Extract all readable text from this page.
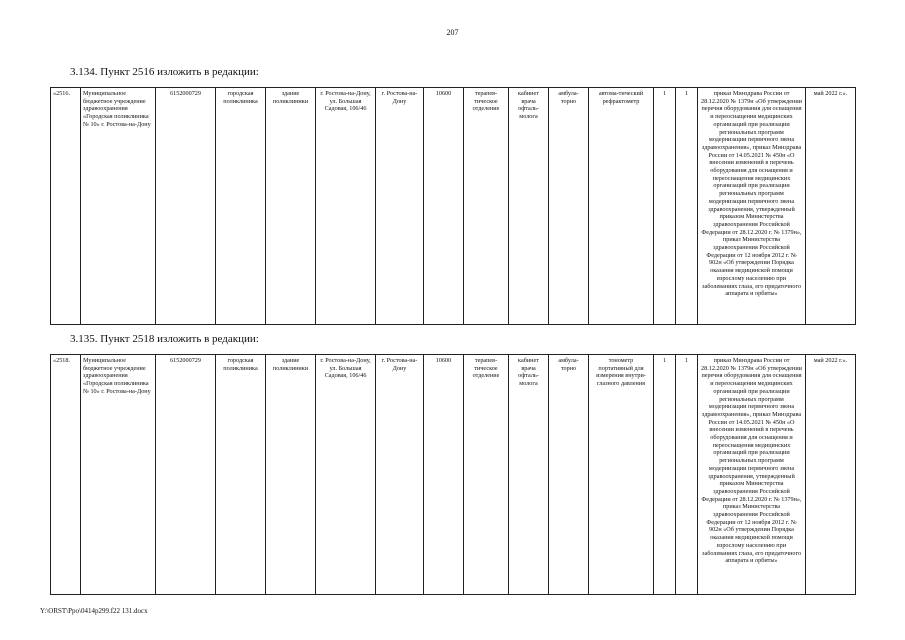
207
3.134. Пункт 2516 изложить в редакции:
«2516.	Муниципальное бюджетное учреждение здравоохранения «Городская поликлиника № 10» г. Ростова-на-Дону	6152000729	городская поликлиника	здание поликлиники	г. Ростова-на-Дону, ул. Большая Садовая, 106/46	г. Ростова-на-Дону	10600	терапев-тическое отделение	кабинет врача офталь-молога	амбула-торно	автома-тический рефрактометр	1	1	приказ Минздрава России от 28.12.2020 № 1379н «Об утверждении перечня оборудования для оснащения и переоснащения медицинских организаций при реализации региональных программ модернизации первичного звена здравоохранения», приказ Минздрава России от 14.05.2021 № 450н «О внесении изменений в перечень оборудования для оснащения и переоснащения медицинских организаций при реализации региональных программ модернизации первичного звена здравоохранения, утвержденный приказом Министерства здравоохранения Российской Федерации от 28.12.2020 г. № 1379н», приказ Министерства здравоохранения Российской Федерации от 12 ноября 2012 г. № 902н «Об утверждении Порядка оказания медицинской помощи взрослому населению при заболеваниях глаза, его придаточного аппарата и орбиты»	май 2022 г.».
3.135. Пункт 2518 изложить в редакции:
«2518.	Муниципальное бюджетное учреждение здравоохранения «Городская поликлиника № 10» г. Ростова-на-Дону	6152000729	городская поликлиника	здание поликлиники	г. Ростова-на-Дону, ул. Большая Садовая, 106/46	г. Ростова-на-Дону	10600	терапев-тическое отделение	кабинет врача офталь-молога	амбула-торно	тонометр портативный для измерения внутри-глазного давления	1	1	приказ Минздрава России от 28.12.2020 № 1379н «Об утверждении перечня оборудования для оснащения и переоснащения медицинских организаций при реализации региональных программ модернизации первичного звена здравоохранения», приказ Минздрава России от 14.05.2021 № 450н «О внесении изменений в перечень оборудования для оснащения и переоснащения медицинских организаций при реализации региональных программ модернизации первичного звена здравоохранения, утвержденный приказом Министерства здравоохранения Российской Федерации от 28.12.2020 г. № 1379н», приказ Министерства здравоохранения Российской Федерации от 12 ноября 2012 г. № 902н «Об утверждении Порядка оказания медицинской помощи взрослому населению при заболеваниях глаза, его придаточного аппарата и орбиты»	май 2022 г.».
Y:\ORST\Ppo\0414p299.f22 131.docx
